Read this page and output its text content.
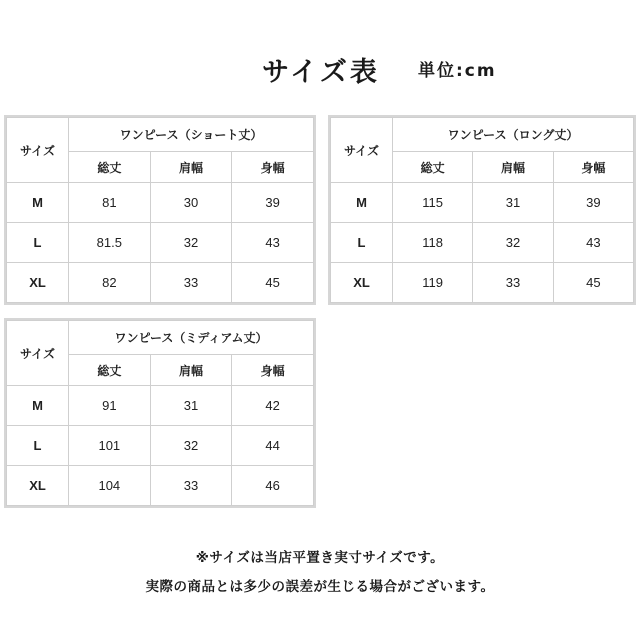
サイズ表 単位:cm
サイズ	ワンピース（ショート丈）		
	総丈	肩幅	身幅
M	81	30	39
L	81.5	32	43
XL	82	33	45
サイズ	ワンピース（ロング丈）		
	総丈	肩幅	身幅
M	115	31	39
L	118	32	43
XL	119	33	45
サイズ	ワンピース（ミディアム丈）		
	総丈	肩幅	身幅
M	91	31	42
L	101	32	44
XL	104	33	46
※サイズは当店平置き実寸サイズです。
実際の商品とは多少の誤差が生じる場合がございます。
